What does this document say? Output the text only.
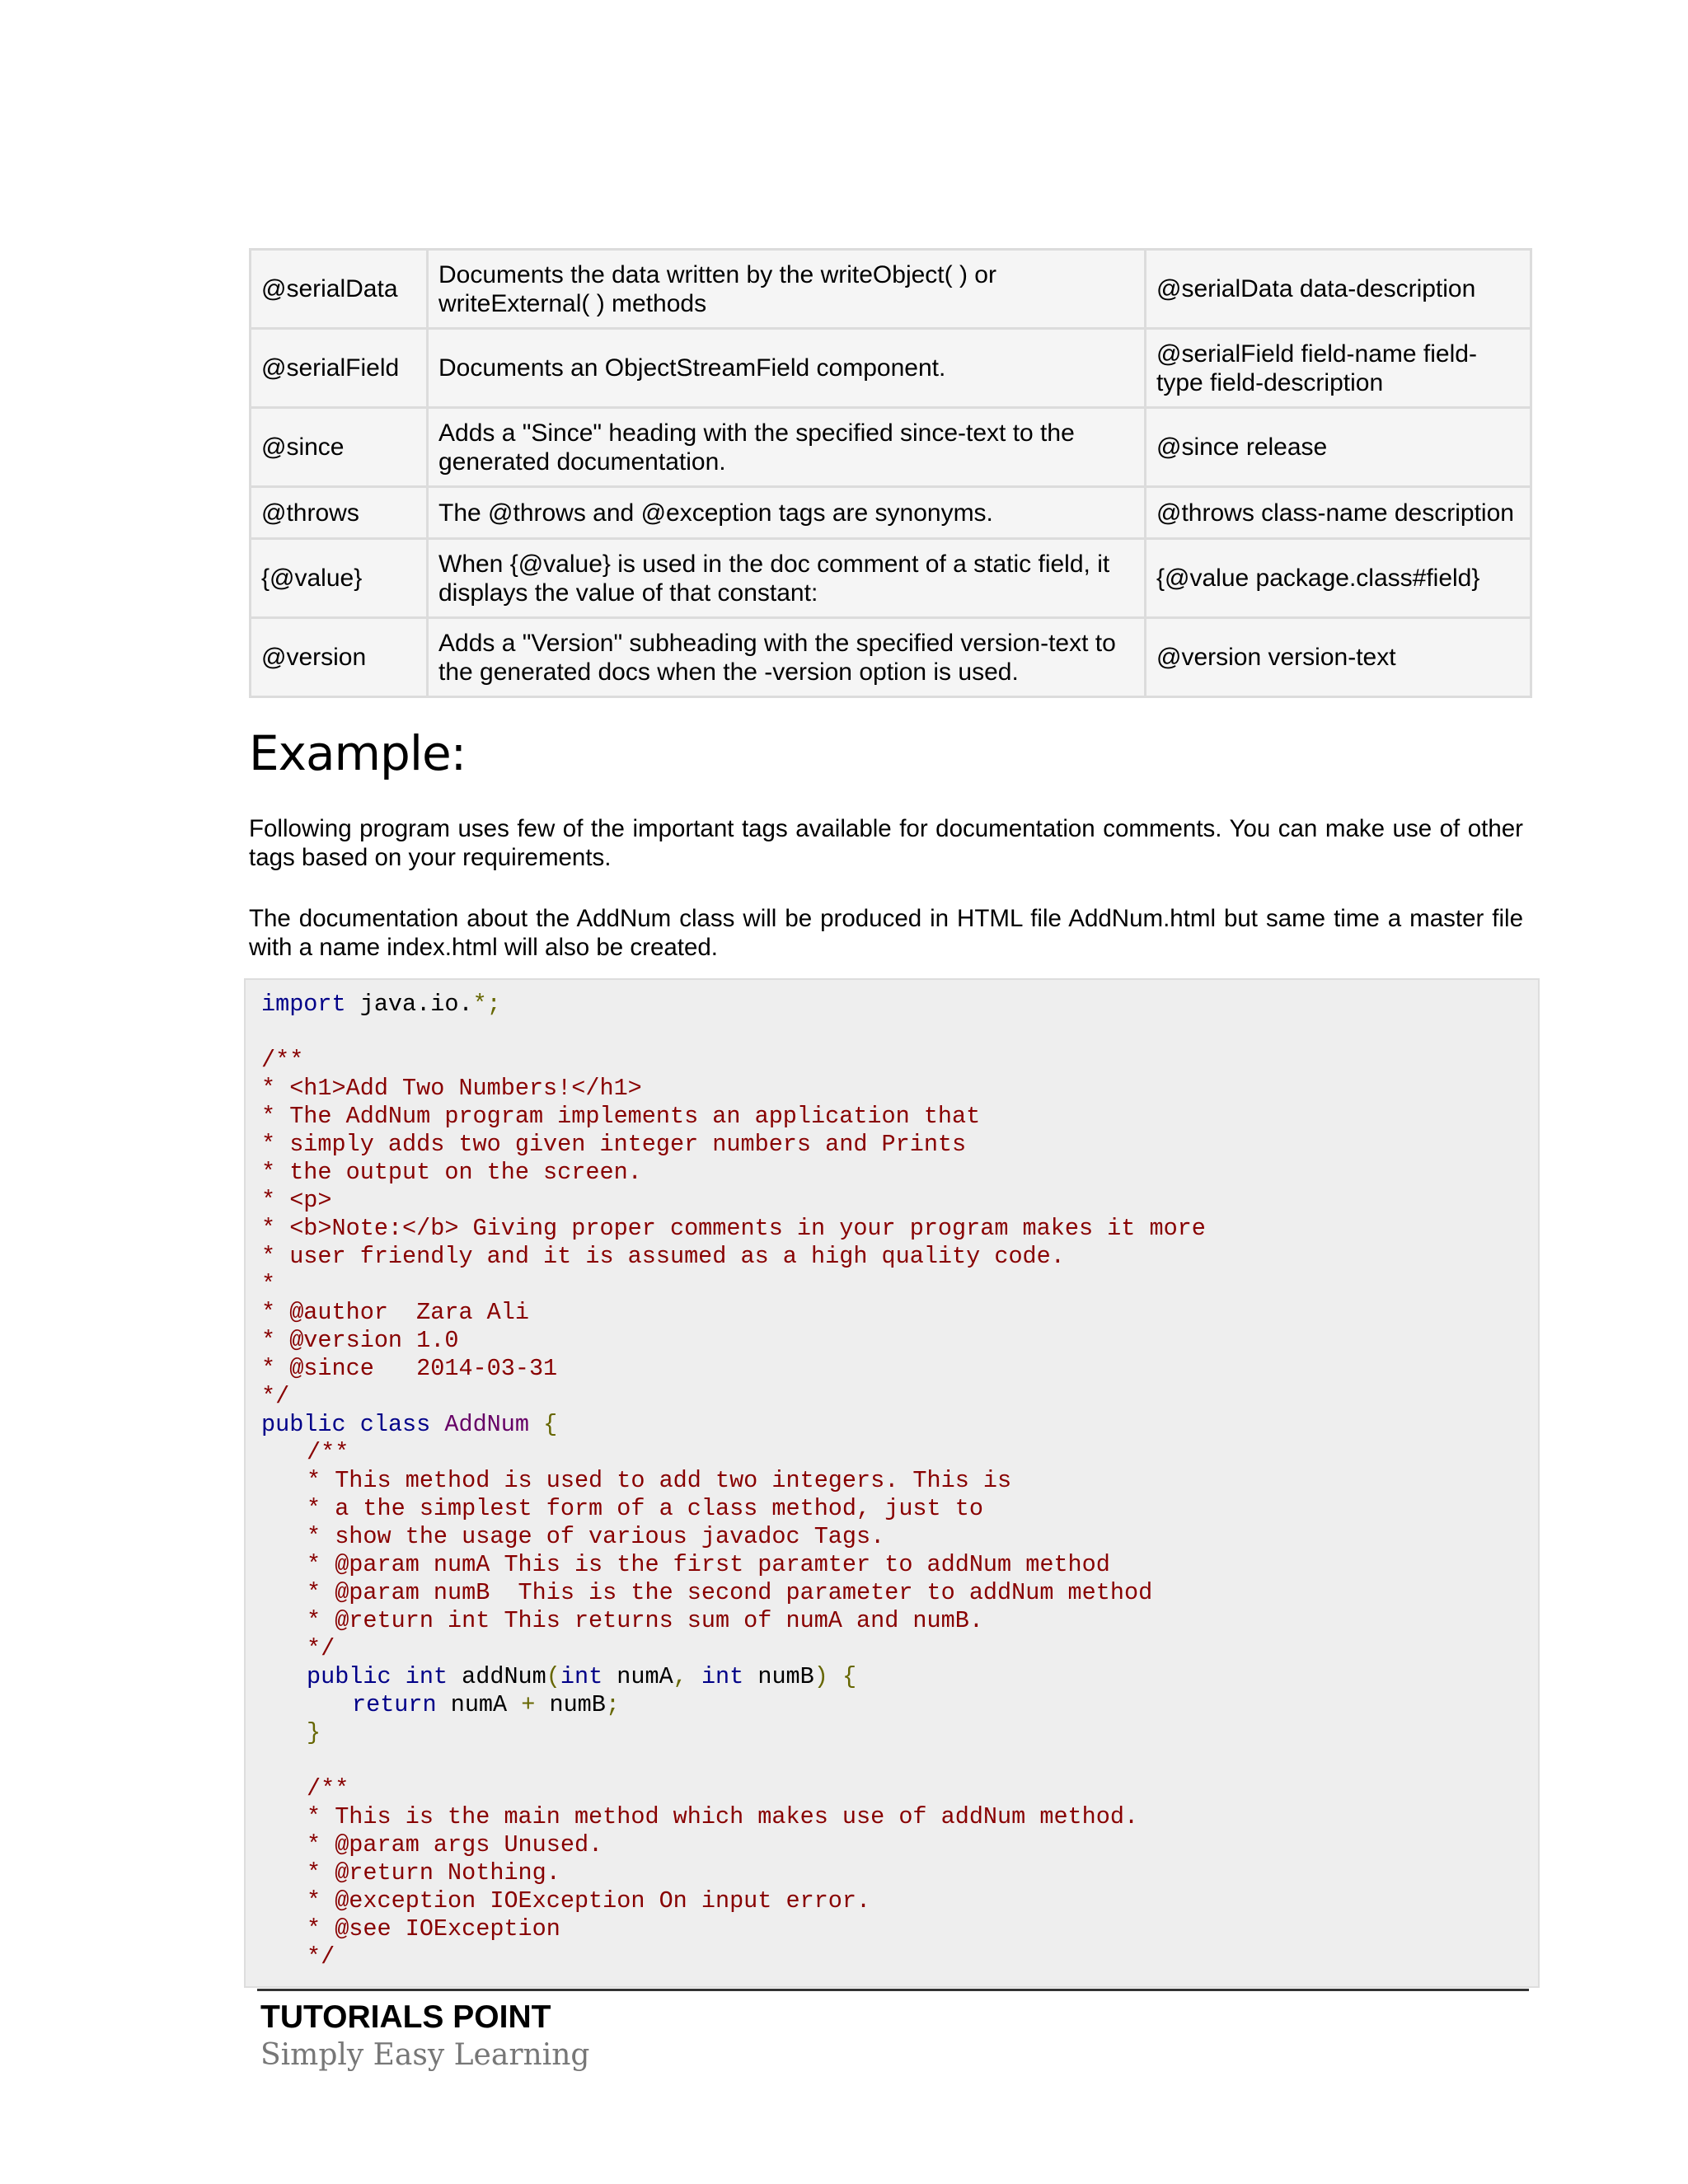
@serialData	Documents the data written by the writeObject( ) or writeExternal( ) methods	@serialData data-description
@serialField	Documents an ObjectStreamField component.	@serialField field-name field-type field-description
@since	Adds a "Since" heading with the specified since-text to the generated documentation.	@since release
@throws	The @throws and @exception tags are synonyms.	@throws class-name description
{@value}	When {@value} is used in the doc comment of a static field, it displays the value of that constant:	{@value package.class#field}
@version	Adds a "Version" subheading with the specified version-text to the generated docs when the -version option is used.	@version version-text
Example:

Following program uses few of the important tags available for documentation comments. You can make use of other tags based on your requirements.

The documentation about the AddNum class will be produced in HTML file AddNum.html but same time a master file with a name index.html will also be created.

import java.io.*;
/**
* <h1>Add Two Numbers!</h1>
* The AddNum program implements an application that
* simply adds two given integer numbers and Prints
* the output on the screen.
* <p>
* <b>Note:</b> Giving proper comments in your program makes it more
* user friendly and it is assumed as a high quality code.
*
* @author  Zara Ali
* @version 1.0
* @since   2014-03-31
*/
public class AddNum {
/**
* This method is used to add two integers. This is
* a the simplest form of a class method, just to
* show the usage of various javadoc Tags.
* @param numA This is the first paramter to addNum method
* @param numB  This is the second parameter to addNum method
* @return int This returns sum of numA and numB.
*/
public int addNum(int numA, int numB) {
return numA + numB;
}
/**
* This is the main method which makes use of addNum method.
* @param args Unused.
* @return Nothing.
* @exception IOException On input error.
* @see IOException
*/
TUTORIALS POINT
Simply Easy Learning
